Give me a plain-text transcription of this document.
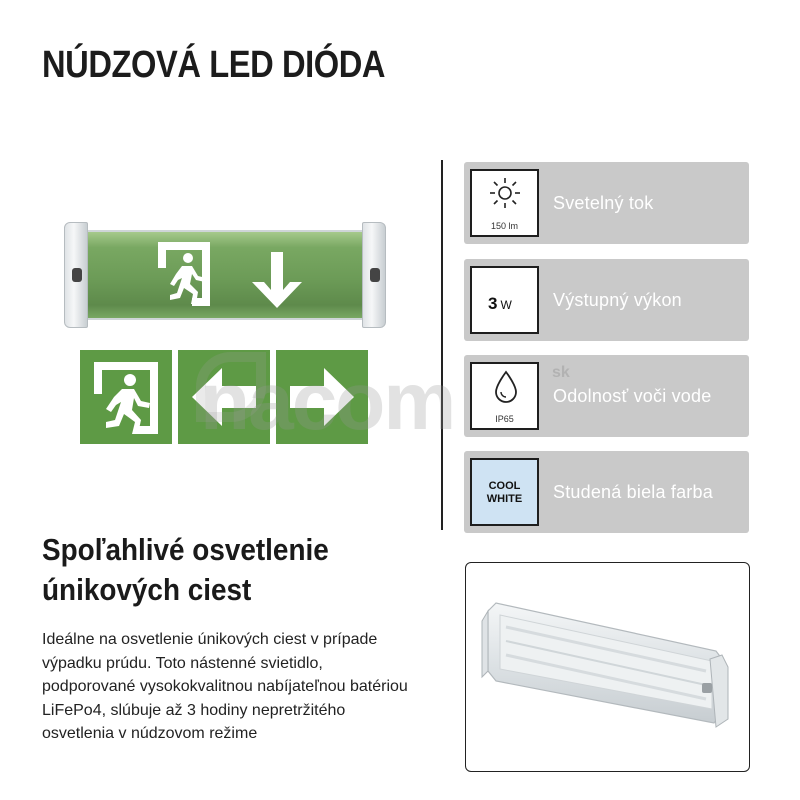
NÚDZOVÁ LED DIÓDA
150 lm
Svetelný tok
3 W Výstupný výkon
IP65
Odolnosť voči vode
COOL
WHITE	Studená biela farba
nacom	sk
Spoľahlivé osvetlenie
únikových ciest
Ideálne na osvetlenie únikových ciest v prípade výpadku prúdu. Toto nástenné svietidlo, podporované vysokokvalitnou nabíjateľnou batériou LiFePo4, slúbuje až 3 hodiny nepretržitého osvetlenia v núdzovom režime
